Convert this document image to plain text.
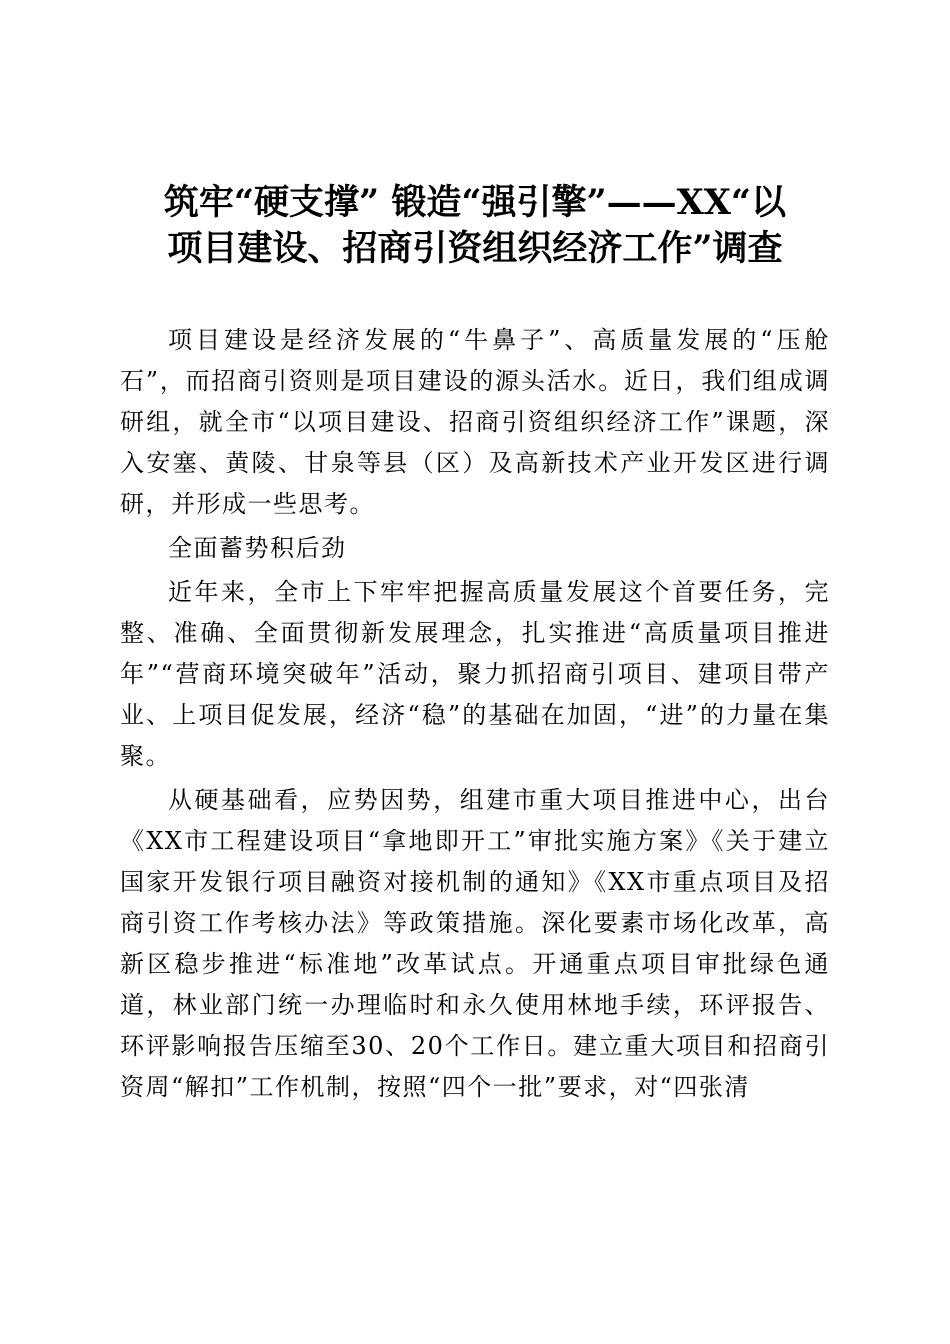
筑牢“硬支撑” 锻造“强引擎”——XX“以
项目建设、招商引资组织经济工作”调查

项目建设是经济发展的“牛鼻子”、高质量发展的“压舱石”，而招商引资则是项目建设的源头活水。近日，我们组成调研组，就全市“以项目建设、招商引资组织经济工作”课题，深入安塞、黄陵、甘泉等县（区）及高新技术产业开发区进行调研，并形成一些思考。

全面蓄势积后劲

近年来，全市上下牢牢把握高质量发展这个首要任务，完整、准确、全面贯彻新发展理念，扎实推进“高质量项目推进年”“营商环境突破年”活动，聚力抓招商引项目、建项目带产业、上项目促发展，经济“稳”的基础在加固，“进”的力量在集聚。

从硬基础看，应势因势，组建市重大项目推进中心，出台《XX市工程建设项目“拿地即开工”审批实施方案》《关于建立国家开发银行项目融资对接机制的通知》《XX市重点项目及招商引资工作考核办法》等政策措施。深化要素市场化改革，高新区稳步推进“标准地”改革试点。开通重点项目审批绿色通道，林业部门统一办理临时和永久使用林地手续，环评报告、环评影响报告压缩至30、20个工作日。建立重大项目和招商引资周“解扣”工作机制，按照“四个一批”要求，对“四张清
